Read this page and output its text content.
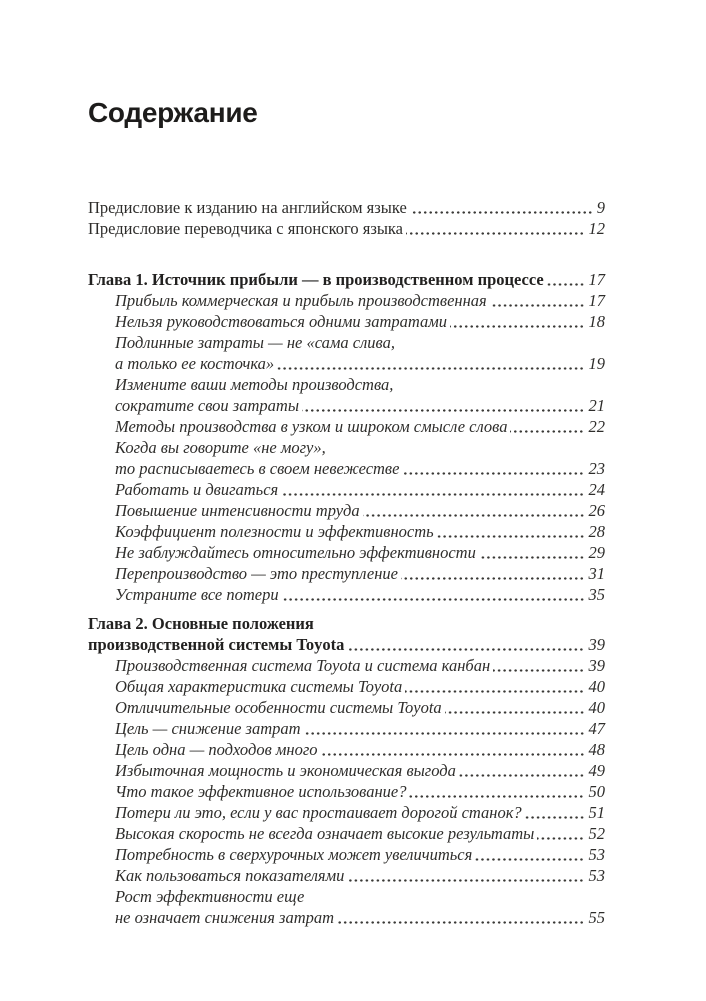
Содержание
Предисловие к изданию на английском языке	9
Предисловие переводчика с японского языка	12
Глава 1. Источник прибыли — в производственном процессе	17
Прибыль коммерческая и прибыль производственная	17
Нельзя руководствоваться одними затратами	18
Подлинные затраты — не «сама слива,
а только ее косточка»	19
Измените ваши методы производства,
сократите свои затраты	21
Методы производства в узком и широком смысле слова	22
Когда вы говорите «не могу»,
то расписываетесь в своем невежестве	23
Работать и двигаться	24
Повышение интенсивности труда	26
Коэффициент полезности и эффективность	28
Не заблуждайтесь относительно эффективности	29
Перепроизводство — это преступление	31
Устраните все потери	35
Глава 2. Основные положения
производственной системы Toyota	39
Производственная система Toyota и система канбан	39
Общая характеристика системы Toyota	40
Отличительные особенности системы Toyota	40
Цель — снижение затрат	47
Цель одна — подходов много	48
Избыточная мощность и экономическая выгода	49
Что такое эффективное использование?	50
Потери ли это, если у вас простаивает дорогой станок?	51
Высокая скорость не всегда означает высокие результаты	52
Потребность в сверхурочных может увеличиться	53
Как пользоваться показателями	53
Рост эффективности еще
не означает снижения затрат	55
